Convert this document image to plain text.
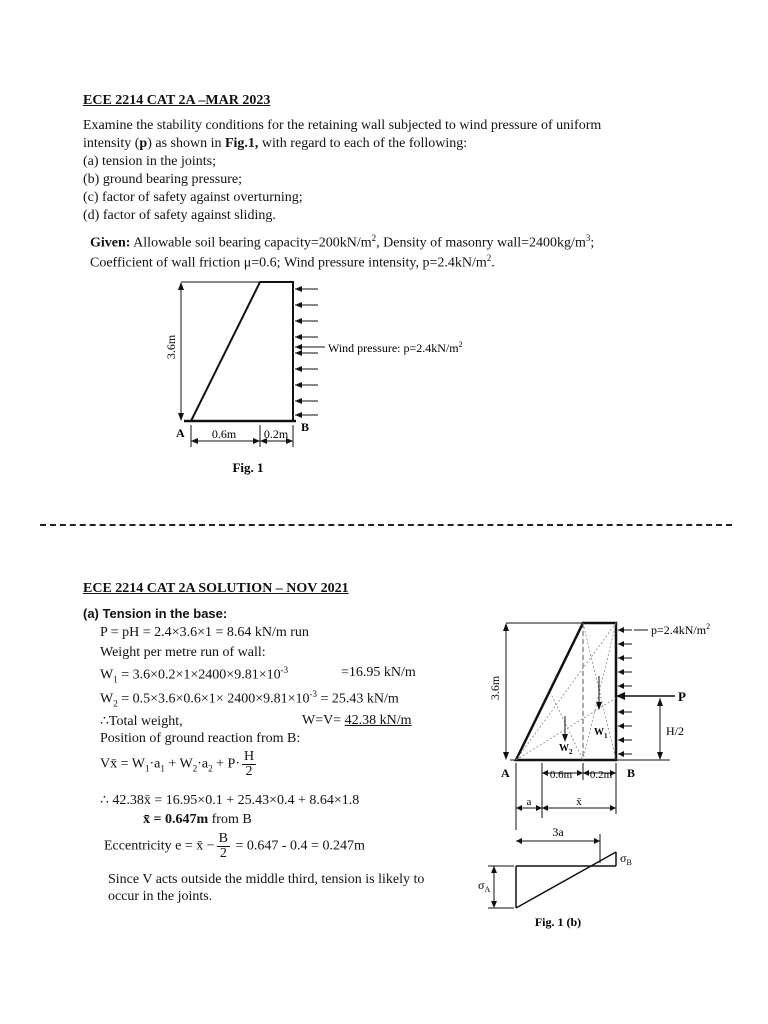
ECE 2214 CAT 2A –MAR 2023
Examine the stability conditions for the retaining wall subjected to wind pressure of uniform
intensity (p) as shown in Fig.1, with regard to each of the following:
(a) tension in the joints;
(b) ground bearing pressure;
(c) factor of safety against overturning;
(d) factor of safety against sliding.
Given: Allowable soil bearing $capacity=200kN/m^2$, Density of masonry $wall=2400kg/m^3$;
Coefficient of wall friction μ=0.6; Wind pressure intensity, $p=2.4kN/m^2$.
3.6m	Wind pressure: $p=2.4kN/m^2$
A	B
0.6m 0.2m
Fig. 1
ECE 2214 CAT 2A SOLUTION – NOV 2021
(a) Tension in the base:
P = pH = 2.4×3.6×1 = 8.64 kN/m run
Weight per metre run of wall:
$W_1 = 3.6\times 0.2\times 1\times 2400\times 9.81\times 10^{-3}$	=16.95 kN/m
$W_2 = 0.5\times 3.6\times 0.6\times 1\times 2400\times 9.81\times 10^{-3} = 25.43$ kN/m
∴Total weight,	W=V= 42.38 kN/m
Position of ground reaction from B:
Vx̄ = $W_1\cdot a_1 + W_2\cdot a_2 + P\cdot \frac{H}{2}$
∴ 42.38x̄ = 16.95×0.1 + 25.43×0.4 + 8.64×1.8
x̄ = 0.647m from B
Eccentricity e = x̄ − $\frac{B}{2} = 0.647 - 0.4 = 0.247m$
Since V acts outside the middle third, tension is likely to
occur in the joints.
$W_2$
$W_1$
3.6m
$p=2.4kN/m^2$
P
H/2
A	B
0.6m 0.2m
a	x̄
3a
$\sigma_A$
$\sigma_B$
Fig. 1 (b)
